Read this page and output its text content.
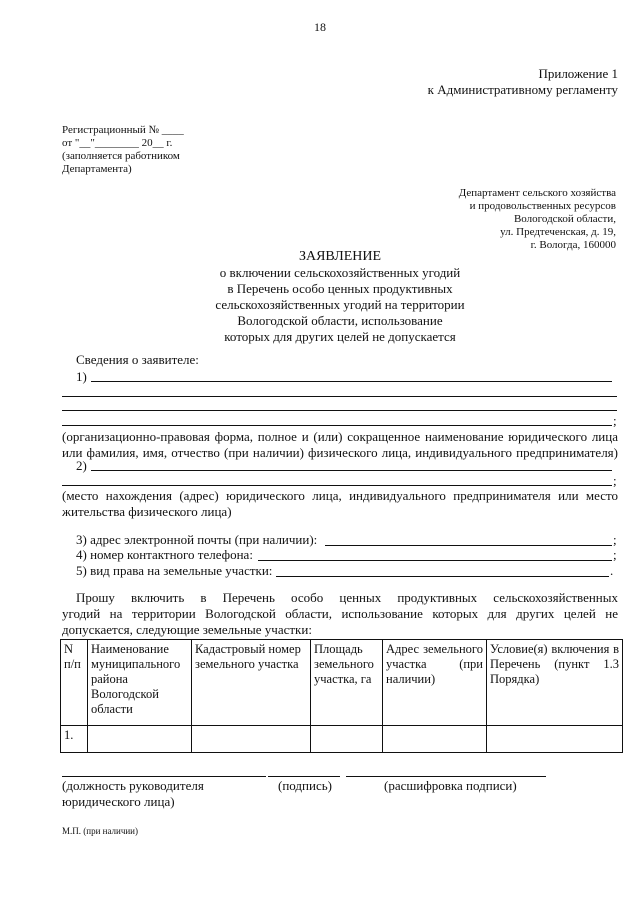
18
Приложение 1
к Административному регламенту
Регистрационный № ____
от "__"________ 20__ г.
(заполняется работником
Департамента)
Департамент сельского хозяйства
и продовольственных ресурсов
Вологодской области,
ул. Предтеченская, д. 19,
г. Вологда, 160000
ЗАЯВЛЕНИЕ
о включении сельскохозяйственных угодий
в Перечень особо ценных продуктивных
сельскохозяйственных угодий на территории
Вологодской области, использование
которых для других целей не допускается
Сведения о заявителе:
1)
;
(организационно-правовая форма, полное и (или) сокращенное наименование юридического лица
или фамилия, имя, отчество (при наличии) физического лица, индивидуального предпринимателя)
2)
;
(место нахождения (адрес) юридического лица, индивидуального предпринимателя или место
жительства физического лица)
3) адрес электронной почты (при наличии):	;
4) номер контактного телефона:	;
5) вид права на земельные участки:	.
Прошу включить в Перечень особо ценных продуктивных сельскохозяйственных
угодий на территории Вологодской области, использование которых для других целей не
допускается, следующие земельные участки:
N п/п	Наименование муниципального района Вологодской области	Кадастровый номер земельного участка	Площадь земельного участка, га	Адрес земельного участка (при наличии)	Условие(я) включения в Перечень (пункт 1.3 Порядка)
1.					
(должность руководителя
юридического лица)
(подпись)	(расшифровка подписи)
М.П. (при наличии)
